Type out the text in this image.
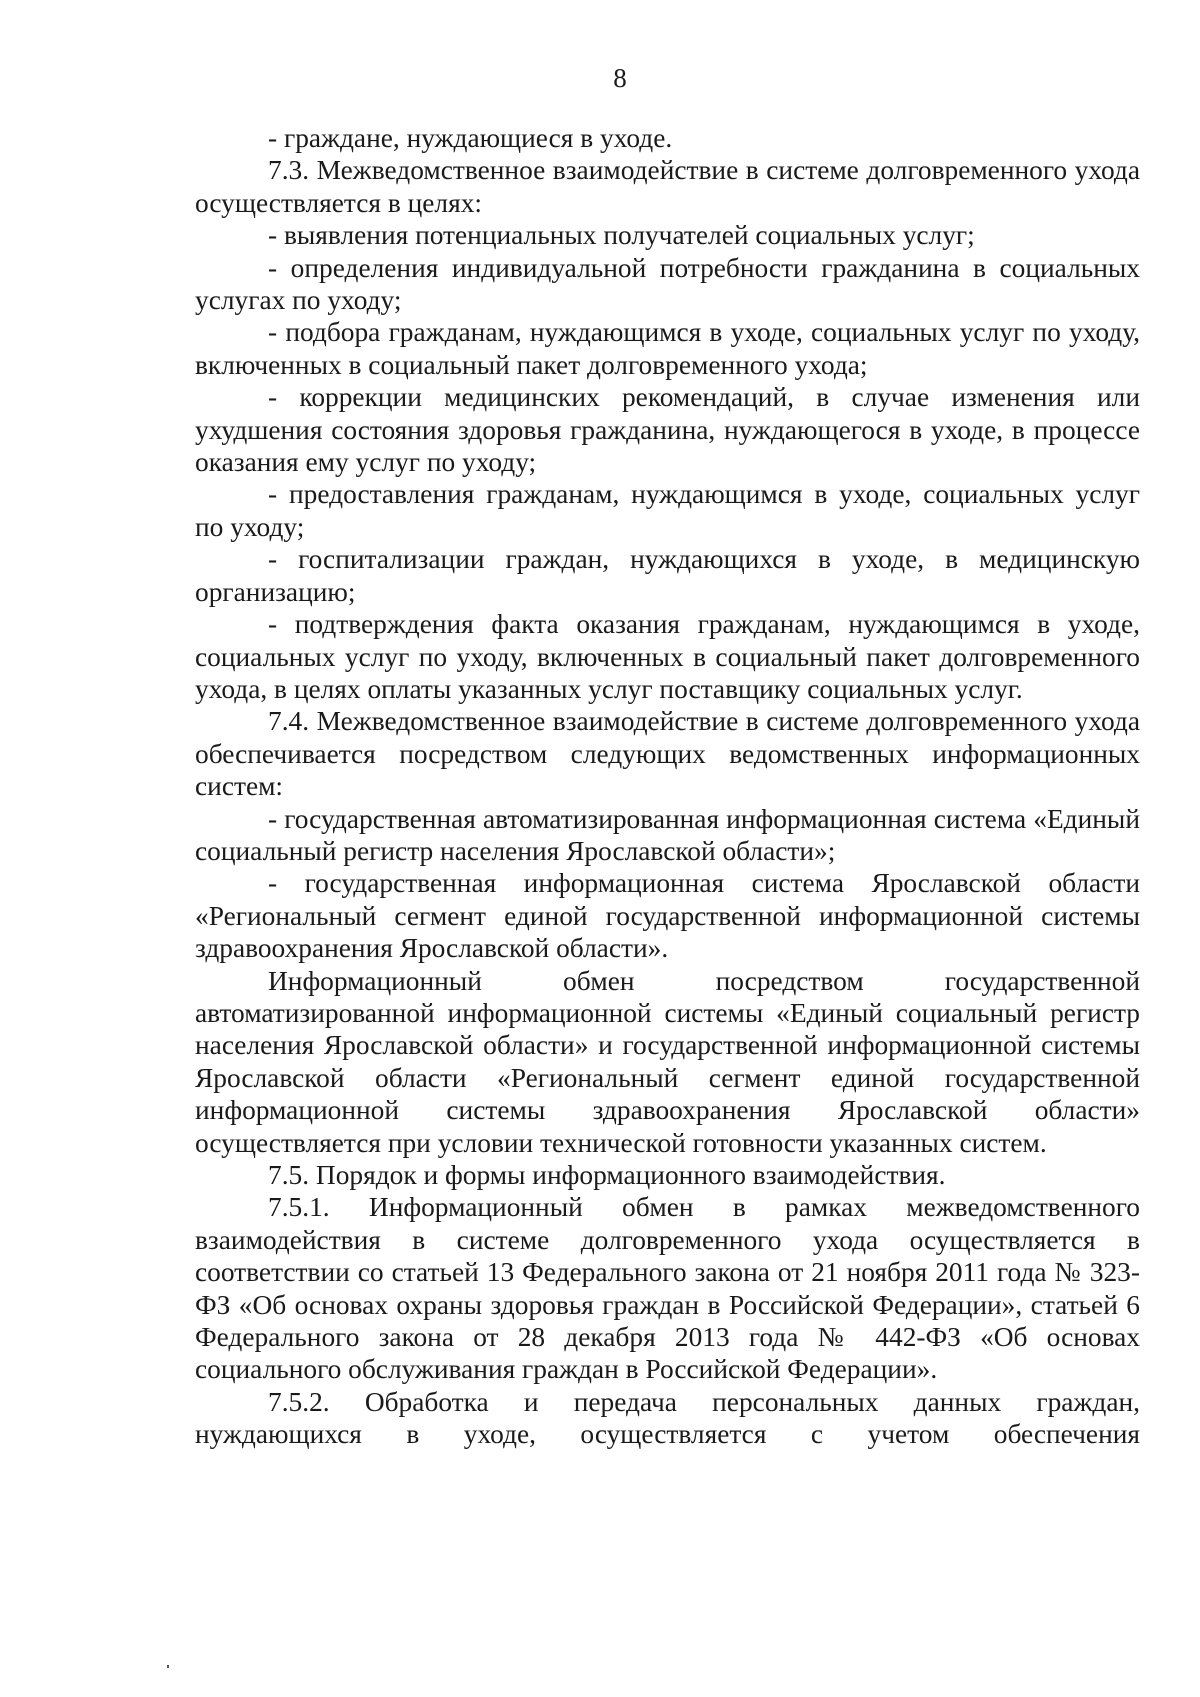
8

- граждане, нуждающиеся в уходе.

7.3. Межведомственное взаимодействие в системе долговременного ухода осуществляется в целях:

- выявления потенциальных получателей социальных услуг;

- определения индивидуальной потребности гражданина в социальных услугах по уходу;

- подбора гражданам, нуждающимся в уходе, социальных услуг по уходу, включенных в социальный пакет долговременного ухода;

- коррекции медицинских рекомендаций, в случае изменения или ухудшения состояния здоровья гражданина, нуждающегося в уходе, в процессе оказания ему услуг по уходу;

- предоставления гражданам, нуждающимся в уходе, социальных услуг по уходу;

- госпитализации граждан, нуждающихся в уходе, в медицинскую организацию;

- подтверждения факта оказания гражданам, нуждающимся в уходе, социальных услуг по уходу, включенных в социальный пакет долговременного ухода, в целях оплаты указанных услуг поставщику социальных услуг.

7.4. Межведомственное взаимодействие в системе долговременного ухода обеспечивается посредством следующих ведомственных информационных систем:

- государственная автоматизированная информационная система «Единый социальный регистр населения Ярославской области»;

- государственная информационная система Ярославской области «Региональный сегмент единой государственной информационной системы здравоохранения Ярославской области».

Информационный обмен посредством государственной автоматизированной информационной системы «Единый социальный регистр населения Ярославской области» и государственной информационной системы Ярославской области «Региональный сегмент единой государственной информационной системы здравоохранения Ярославской области» осуществляется при условии технической готовности указанных систем.

7.5. Порядок и формы информационного взаимодействия.

7.5.1. Информационный обмен в рамках межведомственного взаимодействия в системе долговременного ухода осуществляется в соответствии со статьей 13 Федерального закона от 21 ноября 2011 года № 323-ФЗ «Об основах охраны здоровья граждан в Российской Федерации», статьей 6 Федерального закона от 28 декабря 2013 года № 442-ФЗ «Об основах социального обслуживания граждан в Российской Федерации».

7.5.2. Обработка и передача персональных данных граждан, нуждающихся в уходе, осуществляется с учетом обеспечения
